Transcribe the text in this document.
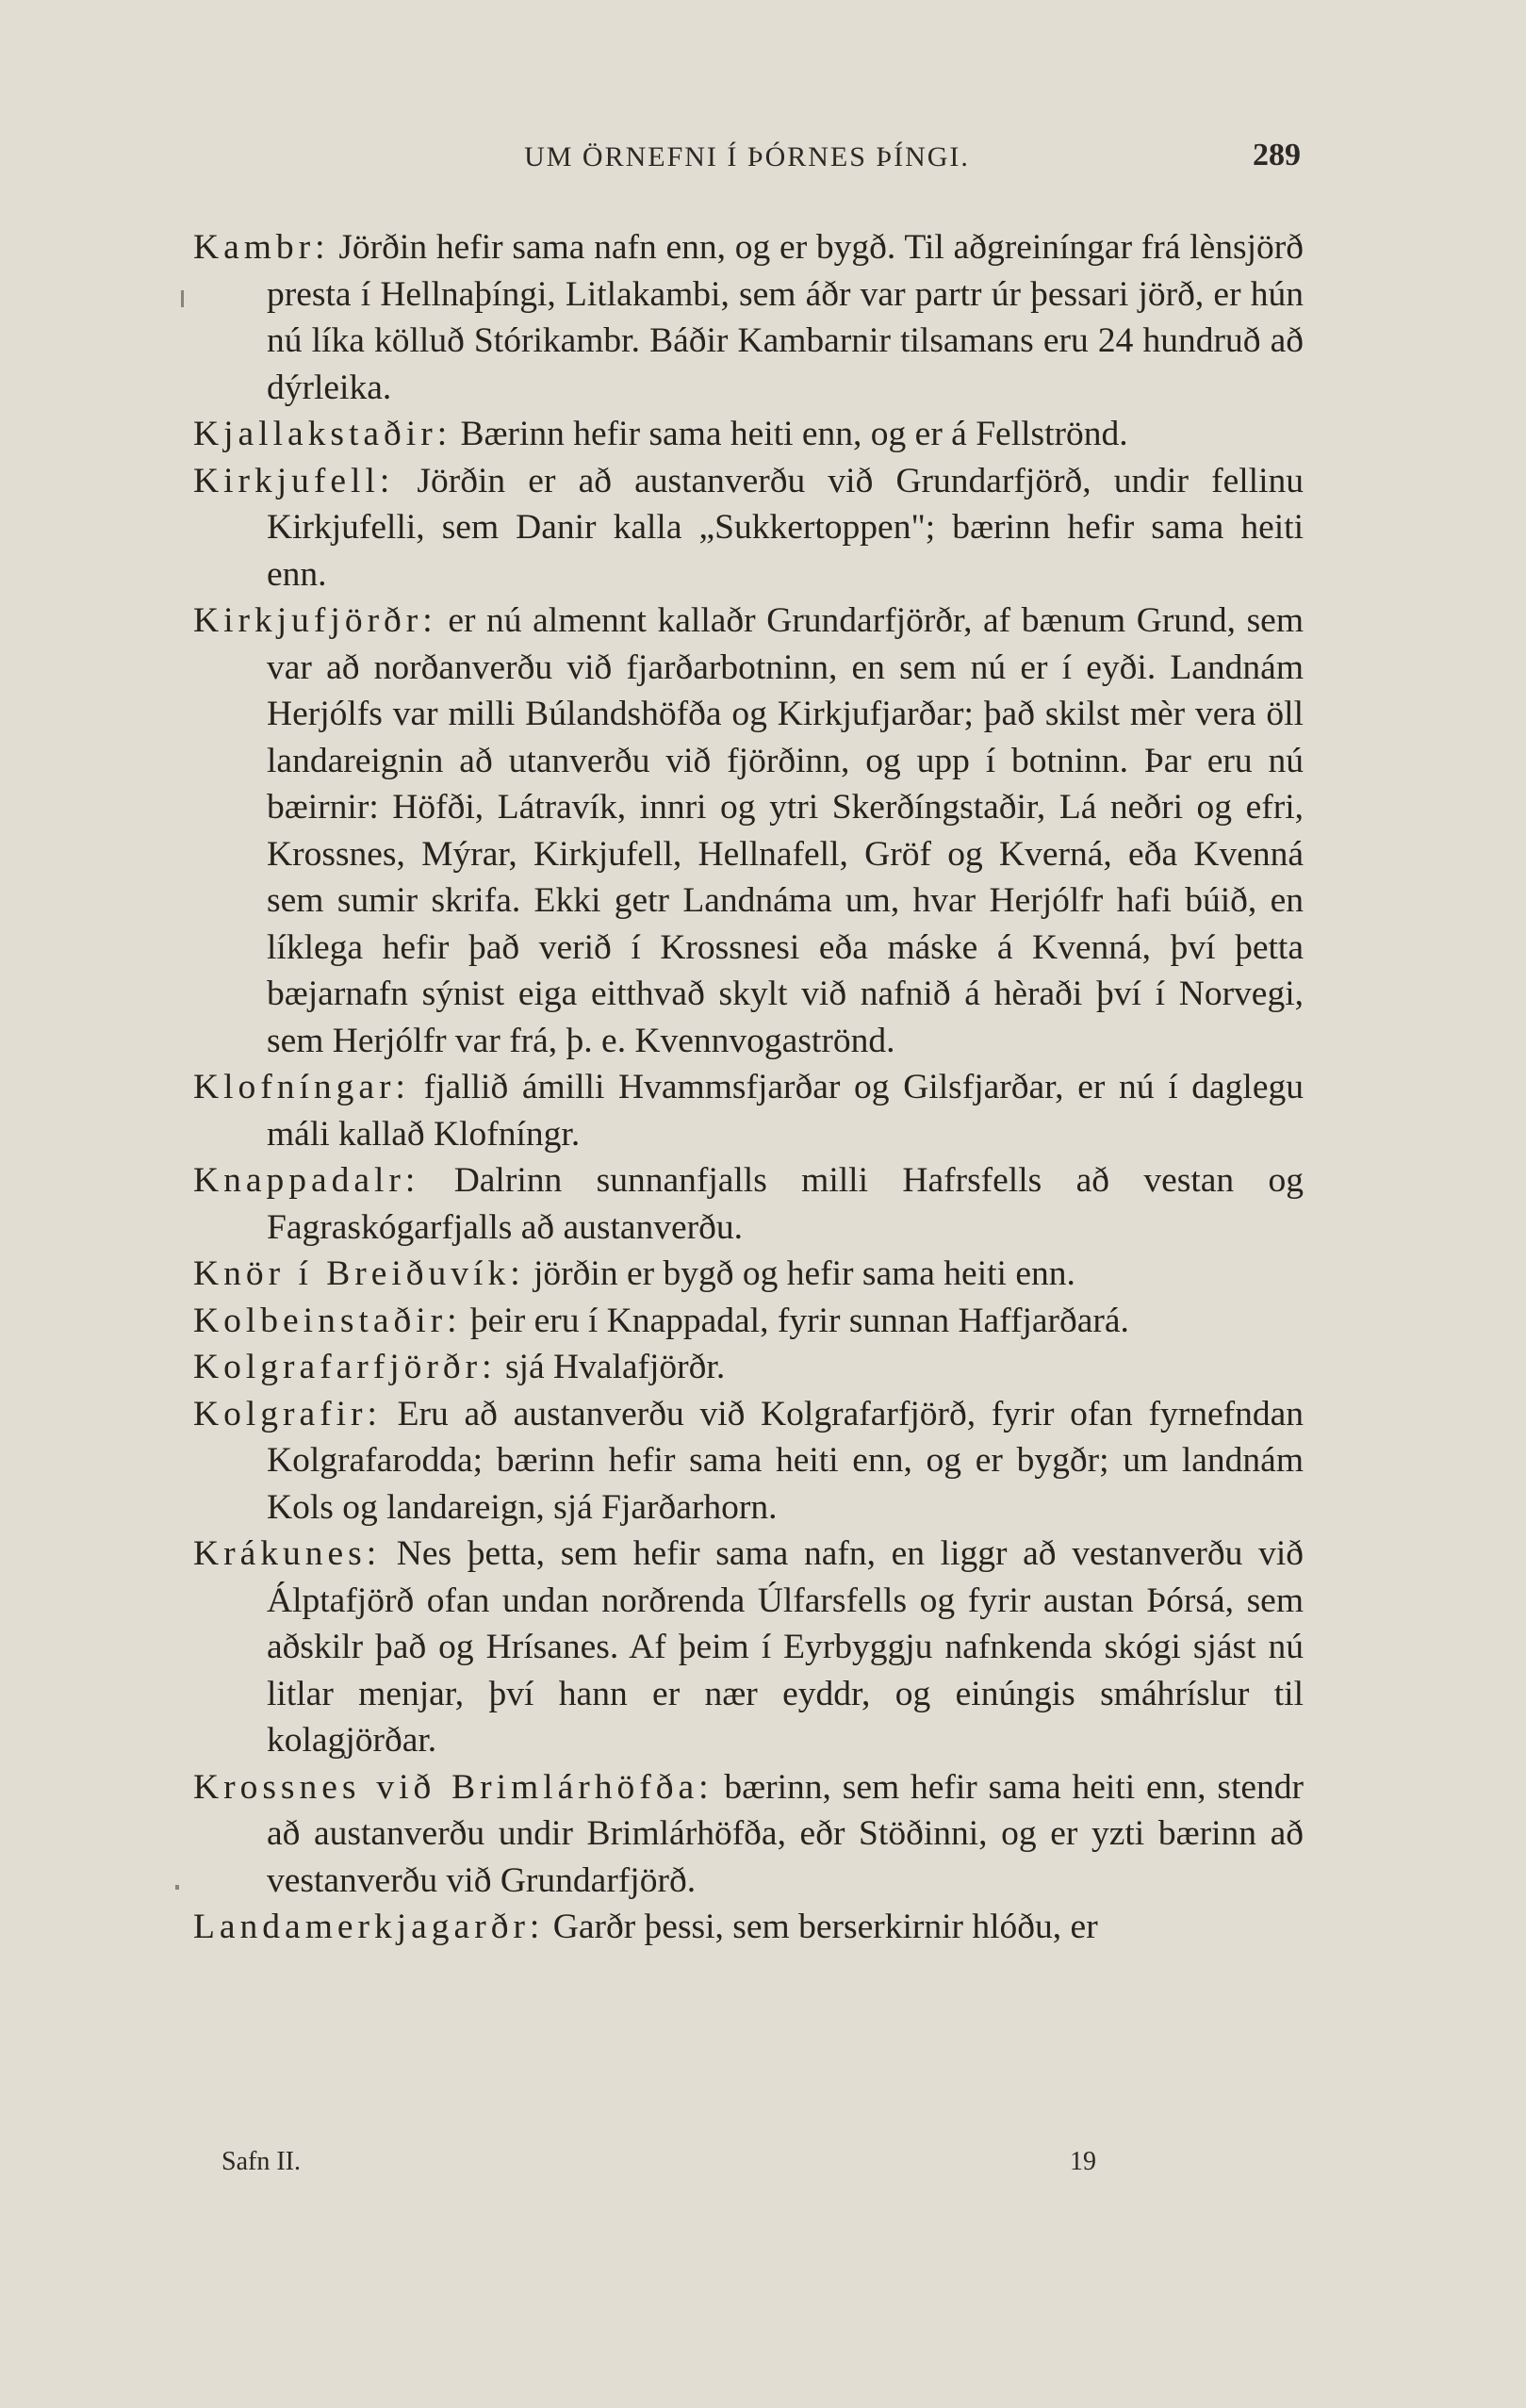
UM ÖRNEFNI Í ÞÓRNES ÞÍNGI.	289

Kambr: Jörðin hefir sama nafn enn, og er bygð. Til aðgreiníngar frá lènsjörð presta í Hellnaþíngi, Litlakambi, sem áðr var partr úr þessari jörð, er hún nú líka kölluð Stórikambr. Báðir Kambarnir tilsamans eru 24 hundruð að dýrleika.

Kjallakstaðir: Bærinn hefir sama heiti enn, og er á Fellströnd.

Kirkjufell: Jörðin er að austanverðu við Grundarfjörð, undir fellinu Kirkjufelli, sem Danir kalla „Sukkertoppen"; bærinn hefir sama heiti enn.

Kirkjufjörðr: er nú almennt kallaðr Grundarfjörðr, af bænum Grund, sem var að norðanverðu við fjarðarbotninn, en sem nú er í eyði. Landnám Herjólfs var milli Búlandshöfða og Kirkjufjarðar; það skilst mèr vera öll landareignin að utanverðu við fjörðinn, og upp í botninn. Þar eru nú bæirnir: Höfði, Látravík, innri og ytri Skerðíngstaðir, Lá neðri og efri, Krossnes, Mýrar, Kirkjufell, Hellnafell, Gröf og Kverná, eða Kvenná sem sumir skrifa. Ekki getr Landnáma um, hvar Herjólfr hafi búið, en líklega hefir það verið í Krossnesi eða máske á Kvenná, því þetta bæjarnafn sýnist eiga eitthvað skylt við nafnið á hèraði því í Norvegi, sem Herjólfr var frá, þ. e. Kvennvogaströnd.

Klofníngar: fjallið ámilli Hvammsfjarðar og Gilsfjarðar, er nú í daglegu máli kallað Klofníngr.

Knappadalr: Dalrinn sunnanfjalls milli Hafrsfells að vestan og Fagraskógarfjalls að austanverðu.

Knör í Breiðuvík: jörðin er bygð og hefir sama heiti enn.

Kolbeinstaðir: þeir eru í Knappadal, fyrir sunnan Haffjarðará.

Kolgrafarfjörðr: sjá Hvalafjörðr.

Kolgrafir: Eru að austanverðu við Kolgrafarfjörð, fyrir ofan fyrnefndan Kolgrafarodda; bærinn hefir sama heiti enn, og er bygðr; um landnám Kols og landareign, sjá Fjarðarhorn.

Krákunes: Nes þetta, sem hefir sama nafn, en liggr að vestanverðu við Álptafjörð ofan undan norðrenda Úlfarsfells og fyrir austan Þórsá, sem aðskilr það og Hrísanes. Af þeim í Eyrbyggju nafnkenda skógi sjást nú litlar menjar, því hann er nær eyddr, og einúngis smáhríslur til kolagjörðar.

Krossnes við Brimlárhöfða: bærinn, sem hefir sama heiti enn, stendr að austanverðu undir Brimlárhöfða, eðr Stöðinni, og er yzti bærinn að vestanverðu við Grundarfjörð.

Landamerkjagarðr: Garðr þessi, sem berserkirnir hlóðu, er

Safn II.	19
